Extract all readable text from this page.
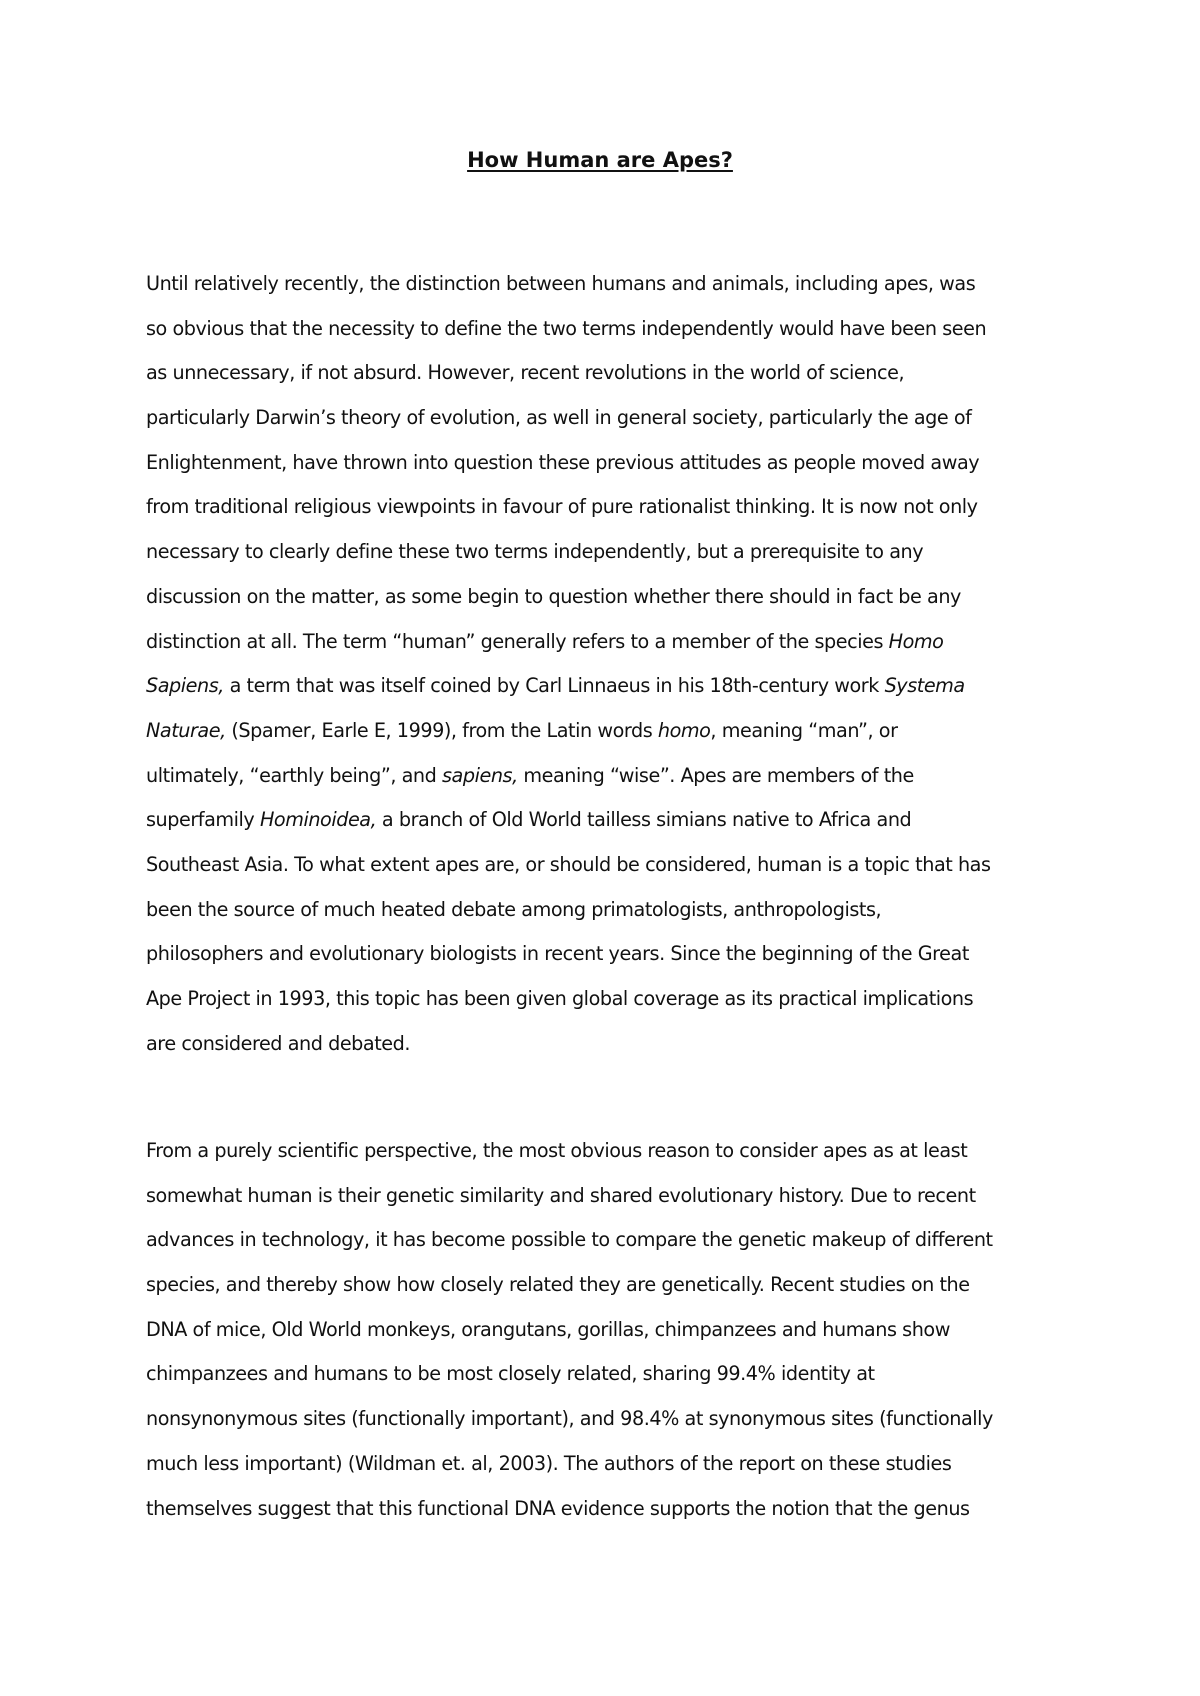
How Human are Apes?
Until relatively recently, the distinction between humans and animals, including apes, was
so obvious that the necessity to define the two terms independently would have been seen
as unnecessary, if not absurd. However, recent revolutions in the world of science,
particularly Darwin’s theory of evolution, as well in general society, particularly the age of
Enlightenment, have thrown into question these previous attitudes as people moved away
from traditional religious viewpoints in favour of pure rationalist thinking. It is now not only
necessary to clearly define these two terms independently, but a prerequisite to any
discussion on the matter, as some begin to question whether there should in fact be any
distinction at all. The term “human” generally refers to a member of the species Homo
Sapiens, a term that was itself coined by Carl Linnaeus in his 18th-century work Systema
Naturae, (Spamer, Earle E, 1999), from the Latin words homo, meaning “man”, or
ultimately, “earthly being”, and sapiens, meaning “wise”. Apes are members of the
superfamily Hominoidea, a branch of Old World tailless simians native to Africa and
Southeast Asia. To what extent apes are, or should be considered, human is a topic that has
been the source of much heated debate among primatologists, anthropologists,
philosophers and evolutionary biologists in recent years. Since the beginning of the Great
Ape Project in 1993, this topic has been given global coverage as its practical implications
are considered and debated.
From a purely scientific perspective, the most obvious reason to consider apes as at least
somewhat human is their genetic similarity and shared evolutionary history. Due to recent
advances in technology, it has become possible to compare the genetic makeup of different
species, and thereby show how closely related they are genetically. Recent studies on the
DNA of mice, Old World monkeys, orangutans, gorillas, chimpanzees and humans show
chimpanzees and humans to be most closely related, sharing 99.4% identity at
nonsynonymous sites (functionally important), and 98.4% at synonymous sites (functionally
much less important) (Wildman et. al, 2003). The authors of the report on these studies
themselves suggest that this functional DNA evidence supports the notion that the genus
